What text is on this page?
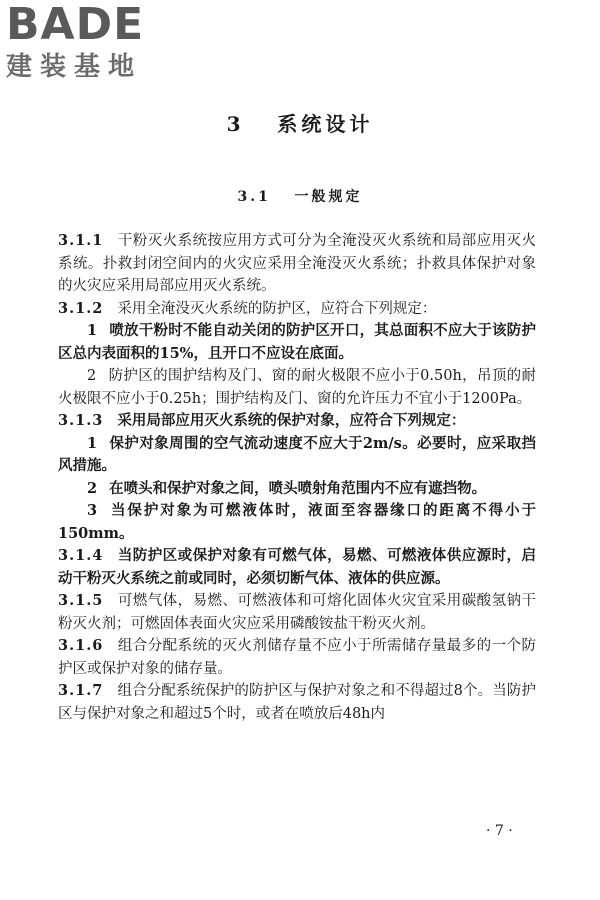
BADE
建装基地
3   系统设计
3.1   一般规定

3.1.1 干粉灭火系统按应用方式可分为全淹没灭火系统和局部应用灭火系统。扑救封闭空间内的火灾应采用全淹没灭火系统；扑救具体保护对象的火灾应采用局部应用灭火系统。

3.1.2 采用全淹没灭火系统的防护区，应符合下列规定：

1 喷放干粉时不能自动关闭的防护区开口，其总面积不应大于该防护区总内表面积的15%，且开口不应设在底面。

2 防护区的围护结构及门、窗的耐火极限不应小于0.50h，吊顶的耐火极限不应小于0.25h；围护结构及门、窗的允许压力不宜小于1200Pa。

3.1.3 采用局部应用灭火系统的保护对象，应符合下列规定：

1 保护对象周围的空气流动速度不应大于2m/s。必要时，应采取挡风措施。

2 在喷头和保护对象之间，喷头喷射角范围内不应有遮挡物。

3 当保护对象为可燃液体时，液面至容器缘口的距离不得小于150mm。

3.1.4 当防护区或保护对象有可燃气体，易燃、可燃液体供应源时，启动干粉灭火系统之前或同时，必须切断气体、液体的供应源。

3.1.5 可燃气体，易燃、可燃液体和可熔化固体火灾宜采用碳酸氢钠干粉灭火剂；可燃固体表面火灾应采用磷酸铵盐干粉灭火剂。

3.1.6 组合分配系统的灭火剂储存量不应小于所需储存量最多的一个防护区或保护对象的储存量。

3.1.7 组合分配系统保护的防护区与保护对象之和不得超过8个。当防护区与保护对象之和超过5个时，或者在喷放后48h内

· 7 ·
